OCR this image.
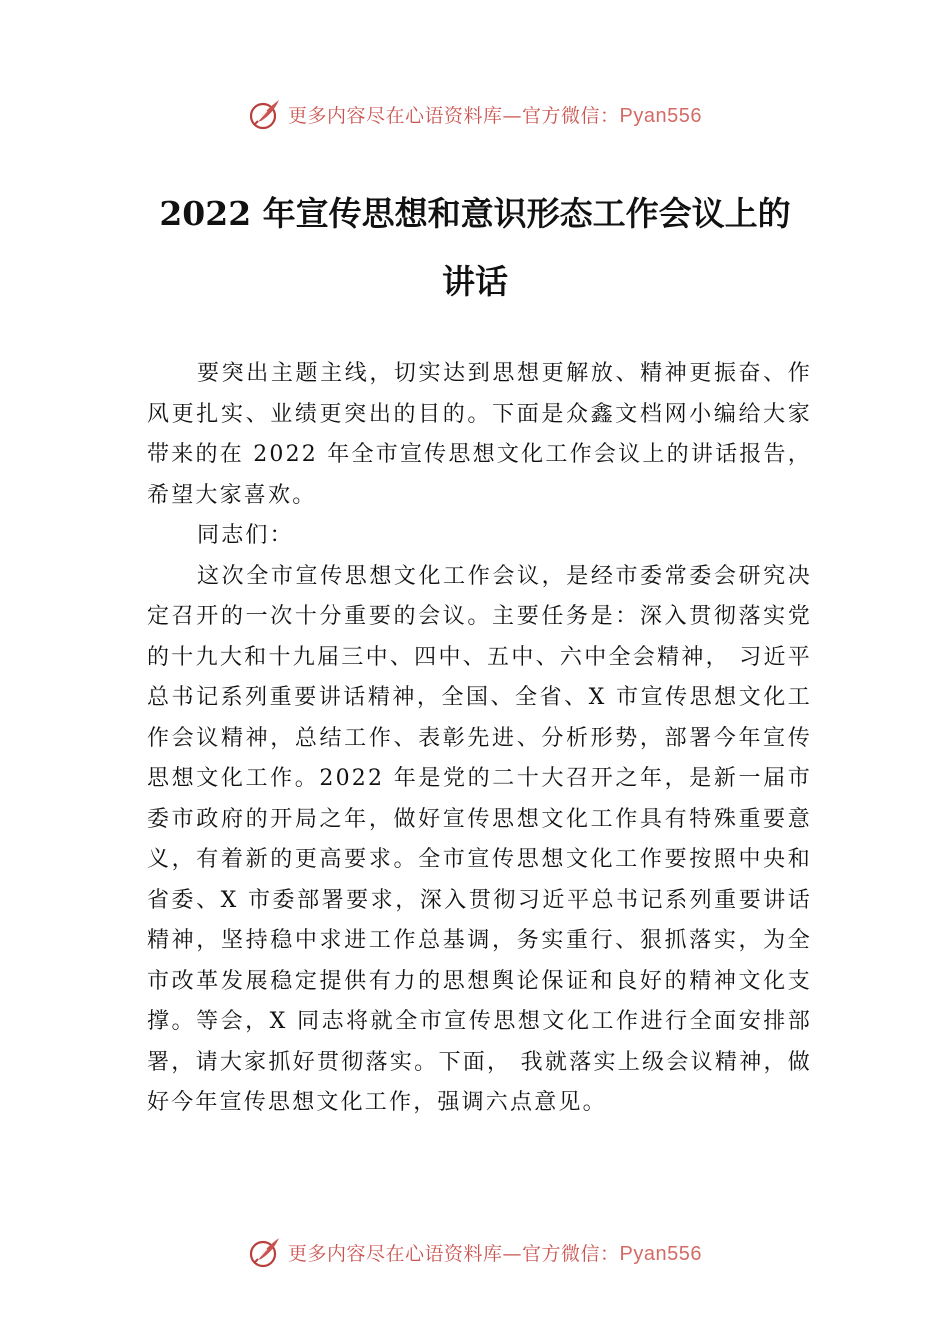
更多内容尽在心语资料库—官方微信：Pyan556
2022 年宣传思想和意识形态工作会议上的
讲话

要突出主题主线，切实达到思想更解放、精神更振奋、作风更扎实、业绩更突出的目的。下面是众鑫文档网小编给大家带来的在 2022 年全市宣传思想文化工作会议上的讲话报告，希望大家喜欢。

同志们：

这次全市宣传思想文化工作会议，是经市委常委会研究决定召开的一次十分重要的会议。主要任务是：深入贯彻落实党的十九大和十九届三中、四中、五中、六中全会精神， 习近平总书记系列重要讲话精神，全国、全省、X 市宣传思想文化工作会议精神，总结工作、表彰先进、分析形势，部署今年宣传思想文化工作。2022 年是党的二十大召开之年，是新一届市委市政府的开局之年，做好宣传思想文化工作具有特殊重要意义，有着新的更高要求。全市宣传思想文化工作要按照中央和省委、X 市委部署要求，深入贯彻习近平总书记系列重要讲话精神，坚持稳中求进工作总基调，务实重行、狠抓落实，为全市改革发展稳定提供有力的思想舆论保证和良好的精神文化支撑。等会，X 同志将就全市宣传思想文化工作进行全面安排部署，请大家抓好贯彻落实。下面， 我就落实上级会议精神，做好今年宣传思想文化工作，强调六点意见。

更多内容尽在心语资料库—官方微信：Pyan556
